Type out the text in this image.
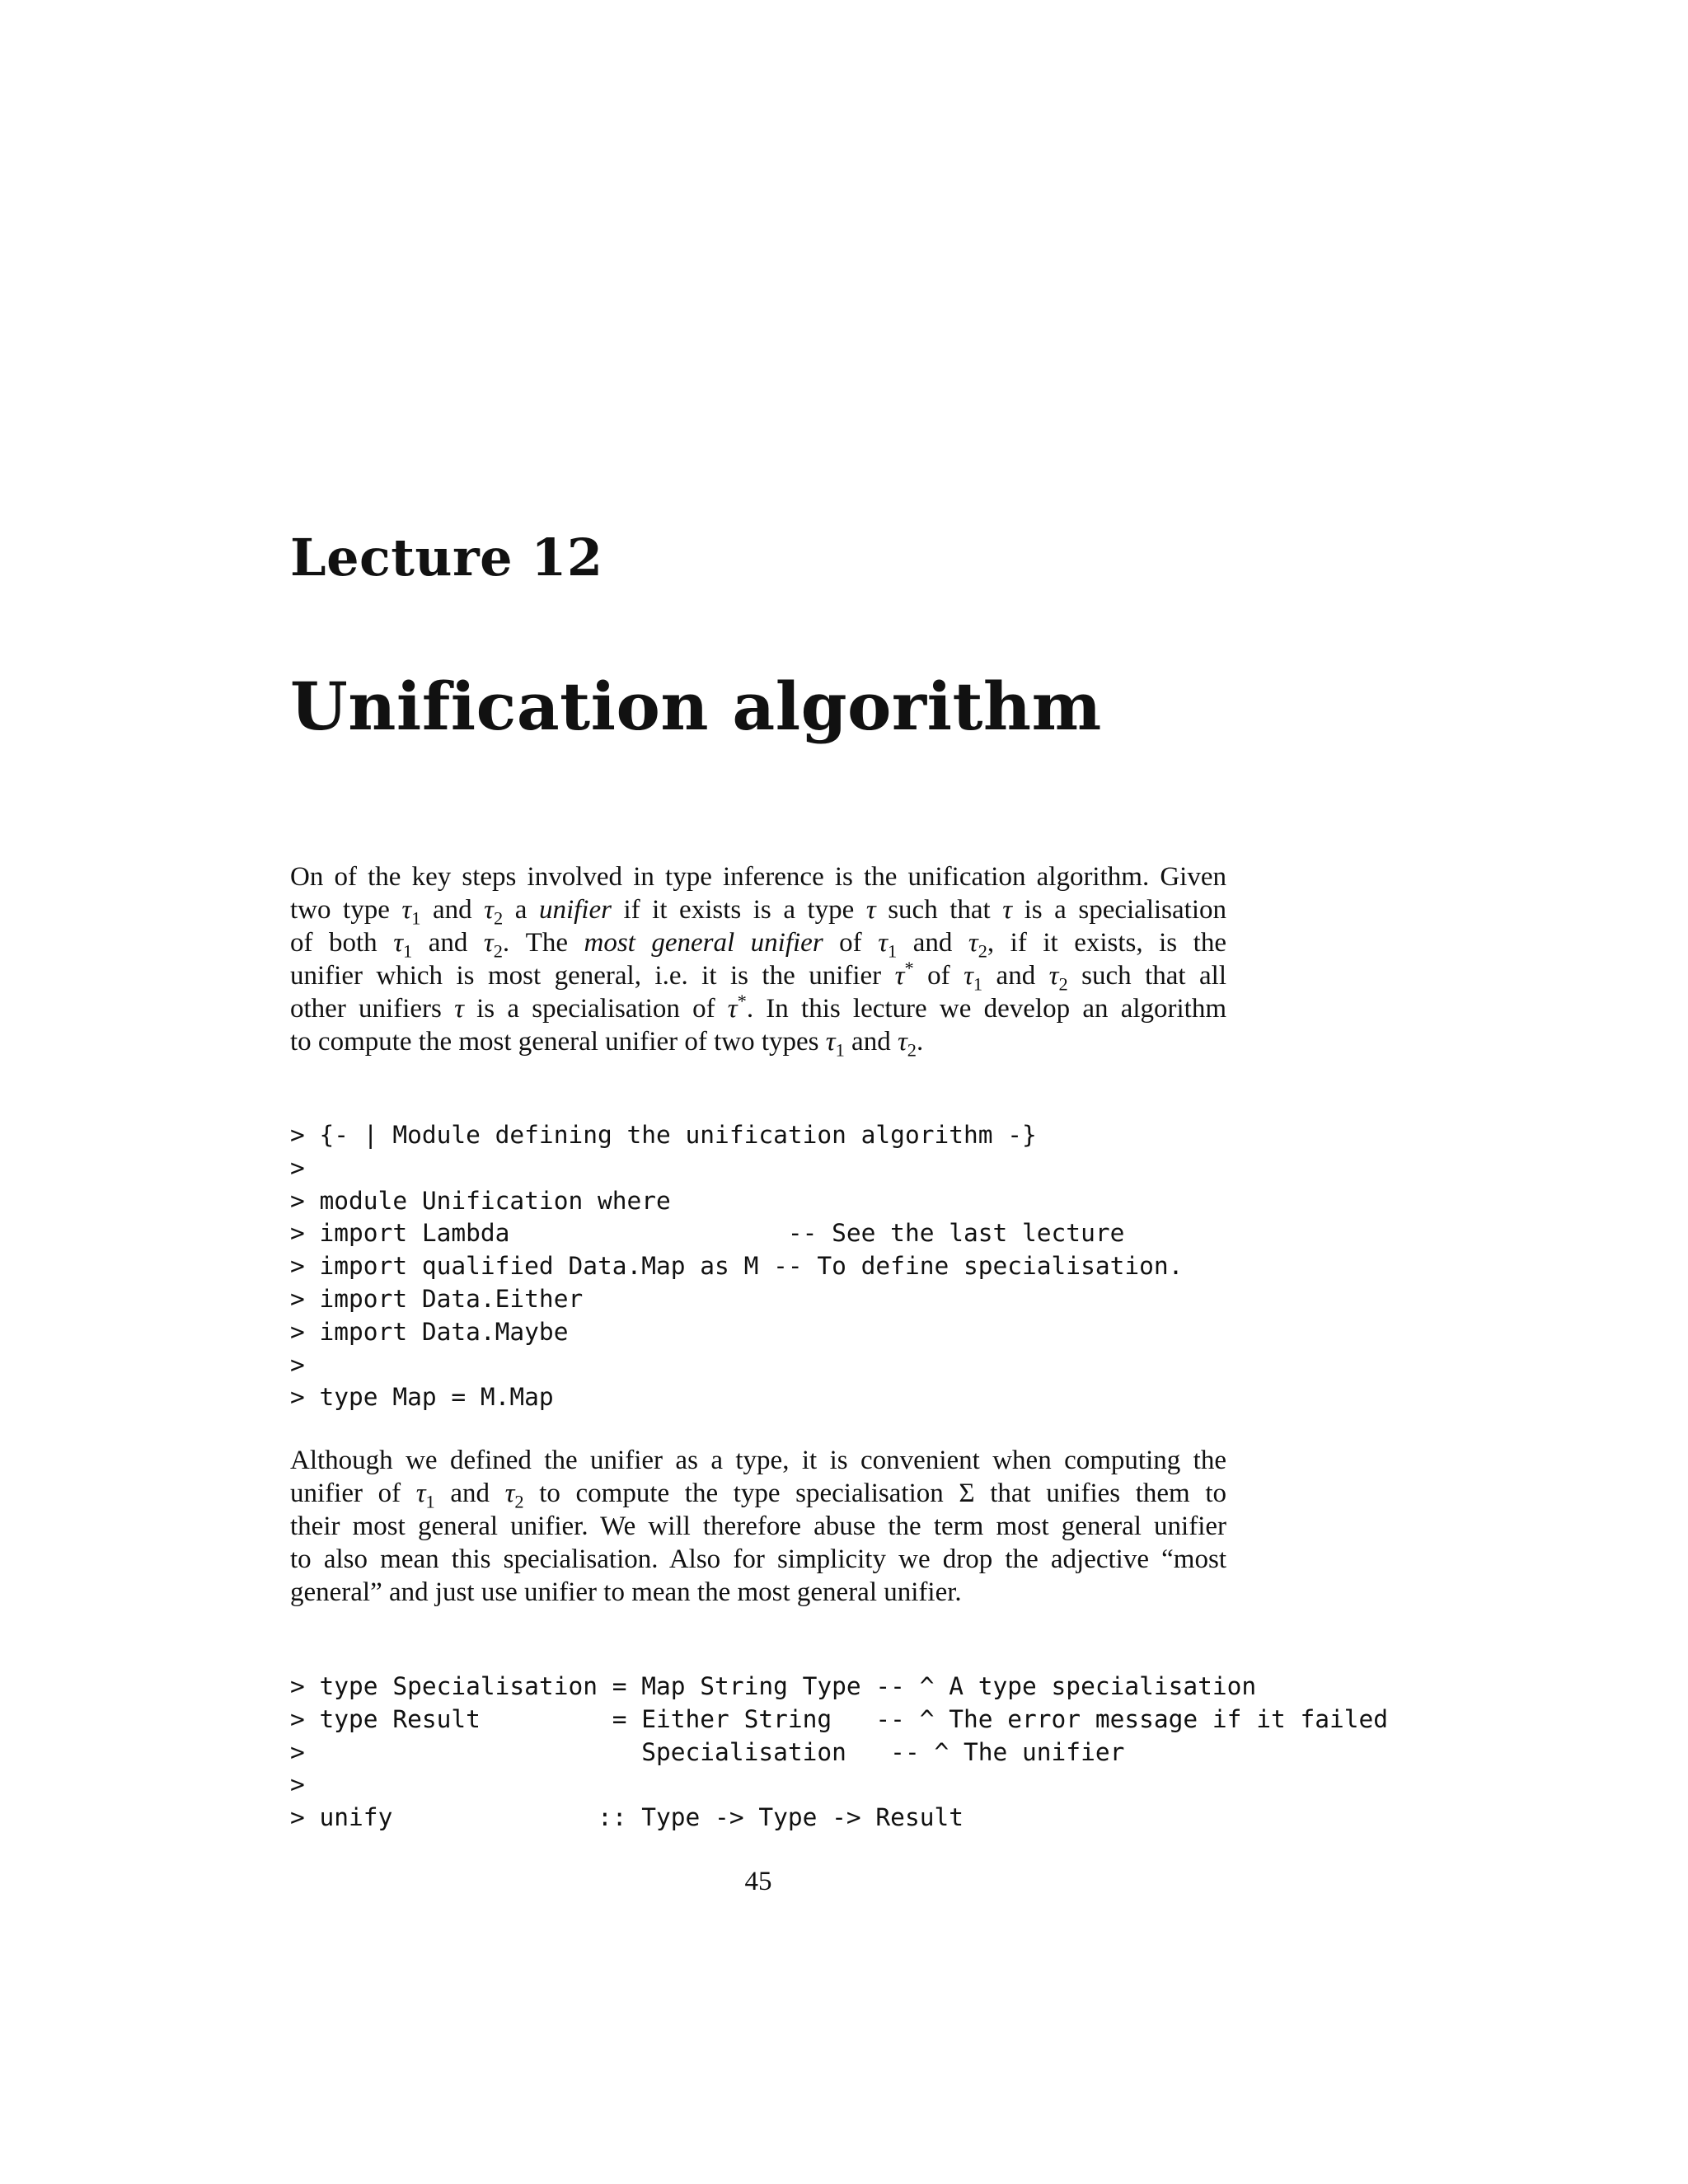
Lecture 12
Unification algorithm

On of the key steps involved in type inference is the unification algorithm. Given
two type $\tau_1$ and $\tau_2$ a unifier if it exists is a type τ such that τ is a specialisation
of both $\tau_1$ and $\tau_2$. The most general unifier of $\tau_1$ and $\tau_2$, if it exists, is the
unifier which is most general, i.e. it is the unifier τ* of $\tau_1$ and $\tau_2$ such that all
other unifiers τ is a specialisation of τ*. In this lecture we develop an algorithm
to compute the most general unifier of two types $\tau_1$ and $\tau_2$.

> {- | Module defining the unification algorithm -}
>
> module Unification where
> import Lambda                   -- See the last lecture
> import qualified Data.Map as M -- To define specialisation.
> import Data.Either
> import Data.Maybe
>
> type Map = M.Map

Although we defined the unifier as a type, it is convenient when computing the
unifier of $\tau_1$ and $\tau_2$ to compute the type specialisation Σ that unifies them to
their most general unifier. We will therefore abuse the term most general unifier
to also mean this specialisation. Also for simplicity we drop the adjective “most
general” and just use unifier to mean the most general unifier.

> type Specialisation = Map String Type -- ^ A type specialisation
> type Result         = Either String   -- ^ The error message if it failed
>                       Specialisation   -- ^ The unifier
>
> unify              :: Type -> Type -> Result
45
